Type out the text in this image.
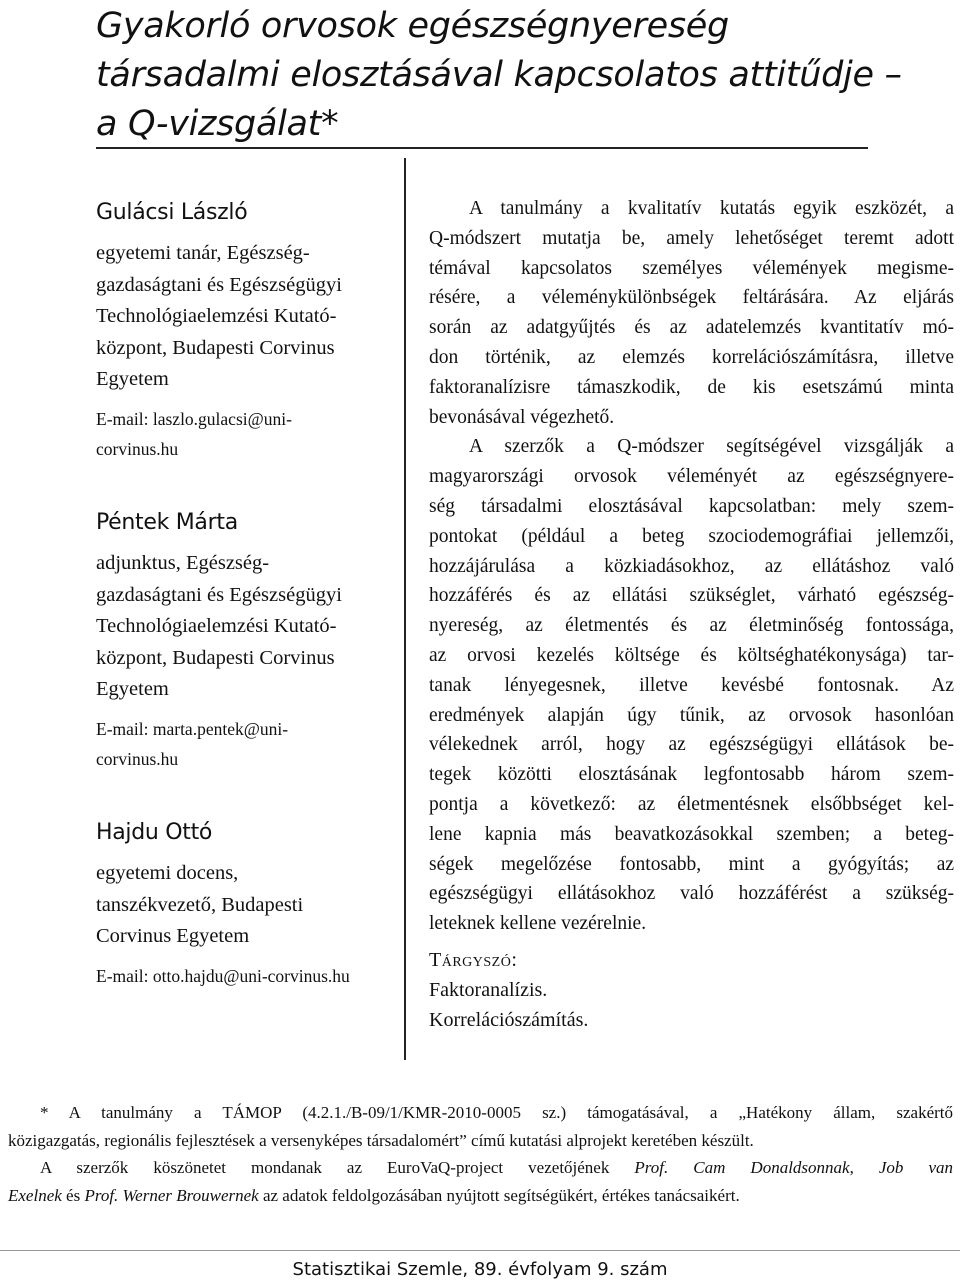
Gyakorló orvosok egészségnyereség
társadalmi elosztásával kapcsolatos attitűdje –
a Q-vizsgálat*
Gulácsi László
egyetemi tanár, Egészség-
gazdaságtani és Egészségügyi
Technológiaelemzési Kutató-
központ, Budapesti Corvinus
Egyetem
E-mail: laszlo.gulacsi@uni-
corvinus.hu
Péntek Márta
adjunktus, Egészség-
gazdaságtani és Egészségügyi
Technológiaelemzési Kutató-
központ, Budapesti Corvinus
Egyetem
E-mail: marta.pentek@uni-
corvinus.hu
Hajdu Ottó
egyetemi docens,
tanszékvezető, Budapesti
Corvinus Egyetem
E-mail: otto.hajdu@uni-corvinus.hu

A tanulmány a kvalitatív kutatás egyik eszközét, a

Q-módszert mutatja be, amely lehetőséget teremt adott

témával kapcsolatos személyes vélemények megisme-

résére, a véleménykülönbségek feltárására. Az eljárás

során az adatgyűjtés és az adatelemzés kvantitatív mó-

don történik, az elemzés korrelációszámításra, illetve

faktoranalízisre támaszkodik, de kis esetszámú minta

bevonásával végezhető.

A szerzők a Q-módszer segítségével vizsgálják a

magyarországi orvosok véleményét az egészségnyere-

ség társadalmi elosztásával kapcsolatban: mely szem-

pontokat (például a beteg szociodemográfiai jellemzői,

hozzájárulása a közkiadásokhoz, az ellátáshoz való

hozzáférés és az ellátási szükséglet, várható egészség-

nyereség, az életmentés és az életminőség fontossága,

az orvosi kezelés költsége és költséghatékonysága) tar-

tanak lényegesnek, illetve kevésbé fontosnak. Az

eredmények alapján úgy tűnik, az orvosok hasonlóan

vélekednek arról, hogy az egészségügyi ellátások be-

tegek közötti elosztásának legfontosabb három szem-

pontja a következő: az életmentésnek elsőbbséget kel-

lene kapnia más beavatkozásokkal szemben; a beteg-

ségek megelőzése fontosabb, mint a gyógyítás; az

egészségügyi ellátásokhoz való hozzáférést a szükség-

leteknek kellene vezérelnie.

Tárgyszó:
Faktoranalízis.
Korrelációszámítás.
* A tanulmány a TÁMOP (4.2.1./B-09/1/KMR-2010-0005 sz.) támogatásával, a „Hatékony állam, szakértő
közigazgatás, regionális fejlesztések a versenyképes társadalomért” című kutatási alprojekt keretében készült.
A szerzők köszönetet mondanak az EuroVaQ-project vezetőjének Prof. Cam Donaldsonnak, Job van
Exelnek és Prof. Werner Brouwernek az adatok feldolgozásában nyújtott segítségükért, értékes tanácsaikért.
Statisztikai Szemle, 89. évfolyam 9. szám
